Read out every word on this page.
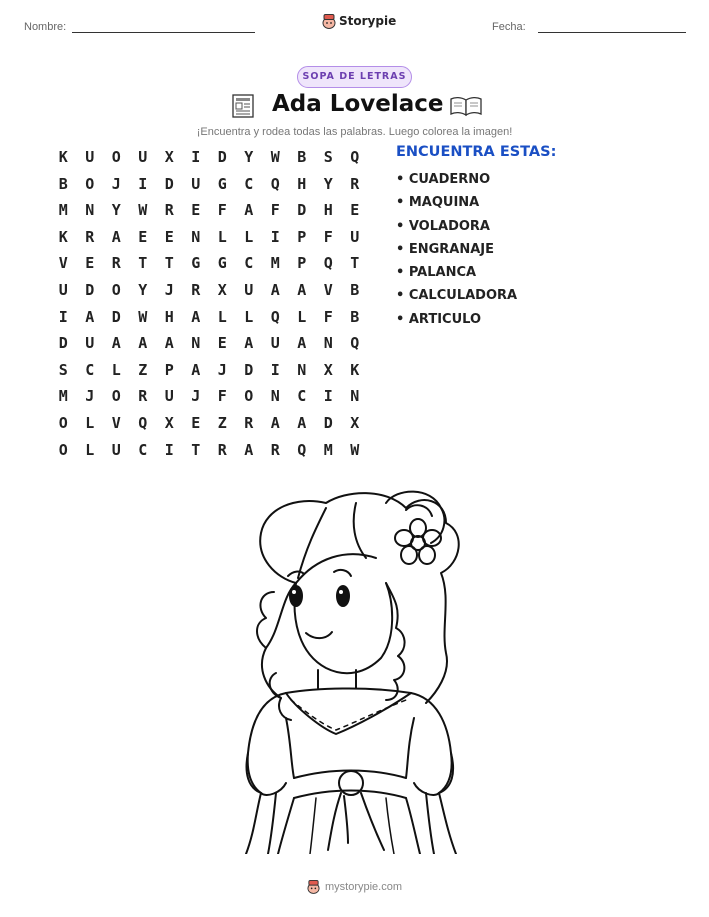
Nombre:	Storypie	Fecha:
SOPA DE LETRAS
Ada Lovelace
¡Encuentra y rodea todas las palabras. Luego colorea la imagen!
K	U	O	U	X	I	D	Y	W	B	S	Q
B	O	J	I	D	U	G	C	Q	H	Y	R
M	N	Y	W	R	E	F	A	F	D	H	E
K	R	A	E	E	N	L	L	I	P	F	U
V	E	R	T	T	G	G	C	M	P	Q	T
U	D	O	Y	J	R	X	U	A	A	V	B
I	A	D	W	H	A	L	L	Q	L	F	B
D	U	A	A	A	N	E	A	U	A	N	Q
S	C	L	Z	P	A	J	D	I	N	X	K
M	J	O	R	U	J	F	O	N	C	I	N
O	L	V	Q	X	E	Z	R	A	A	D	X
O	L	U	C	I	T	R	A	R	Q	M	W
ENCUENTRA ESTAS:
• CUADERNO
• MAQUINA
• VOLADORA
• ENGRANAJE
• PALANCA
• CALCULADORA
• ARTICULO
mystorypie.com
